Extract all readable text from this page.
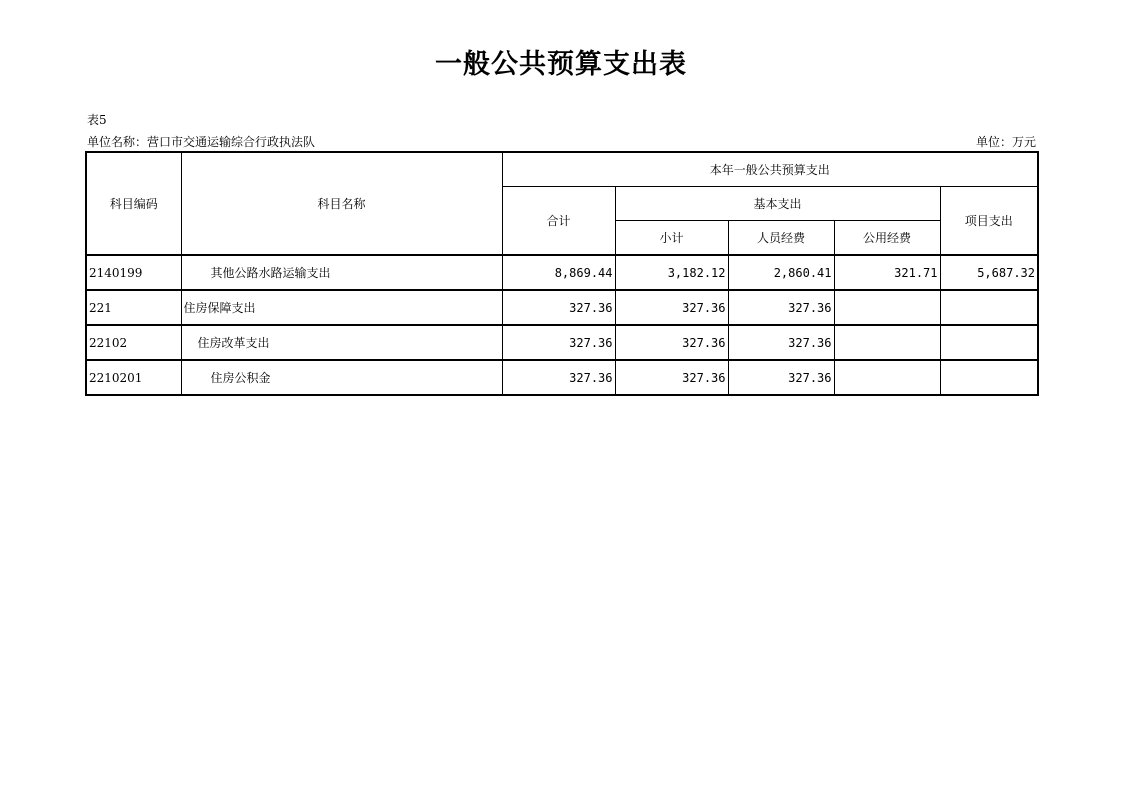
一般公共预算支出表
表5
单位名称：营口市交通运输综合行政执法队	单位：万元
科目编码	科目名称	本年一般公共预算支出				
		合计	基本支出			项目支出
			小计	人员经费	公用经费	
2140199	其他公路水路运输支出	8,869.44	3,182.12	2,860.41	321.71	5,687.32
221	住房保障支出	327.36	327.36	327.36		
22102	住房改革支出	327.36	327.36	327.36		
2210201	住房公积金	327.36	327.36	327.36		
